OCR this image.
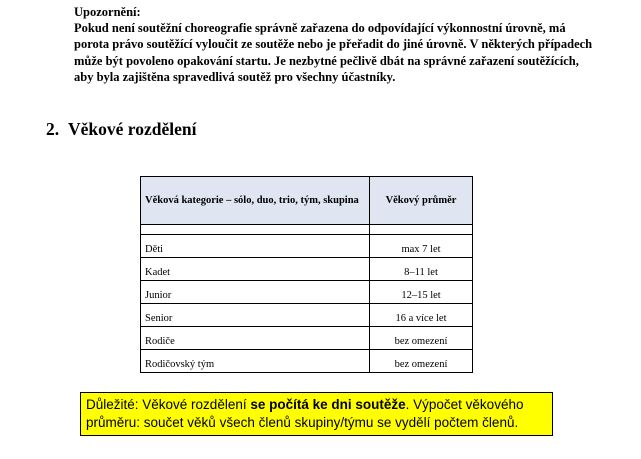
Upozornění:
Pokud není soutěžní choreografie správně zařazena do odpovídající výkonnostní úrovně, má porota právo soutěžící vyloučit ze soutěže nebo je přeřadit do jiné úrovně. V některých případech může být povoleno opakování startu. Je nezbytné pečlivě dbát na správné zařazení soutěžících, aby byla zajištěna spravedlivá soutěž pro všechny účastníky.
2. Věkové rozdělení
Věková kategorie – sólo, duo, trio, tým, skupina	Věkový průměr

Děti	max 7 let
Kadet	8–11 let
Junior	12–15 let
Senior	16 a více let
Rodiče	bez omezení
Rodičovský tým	bez omezení
Důležité: Věkové rozdělení se počítá ke dni soutěže. Výpočet věkového průměru: součet věků všech členů skupiny/týmu se vydělí počtem členů.
